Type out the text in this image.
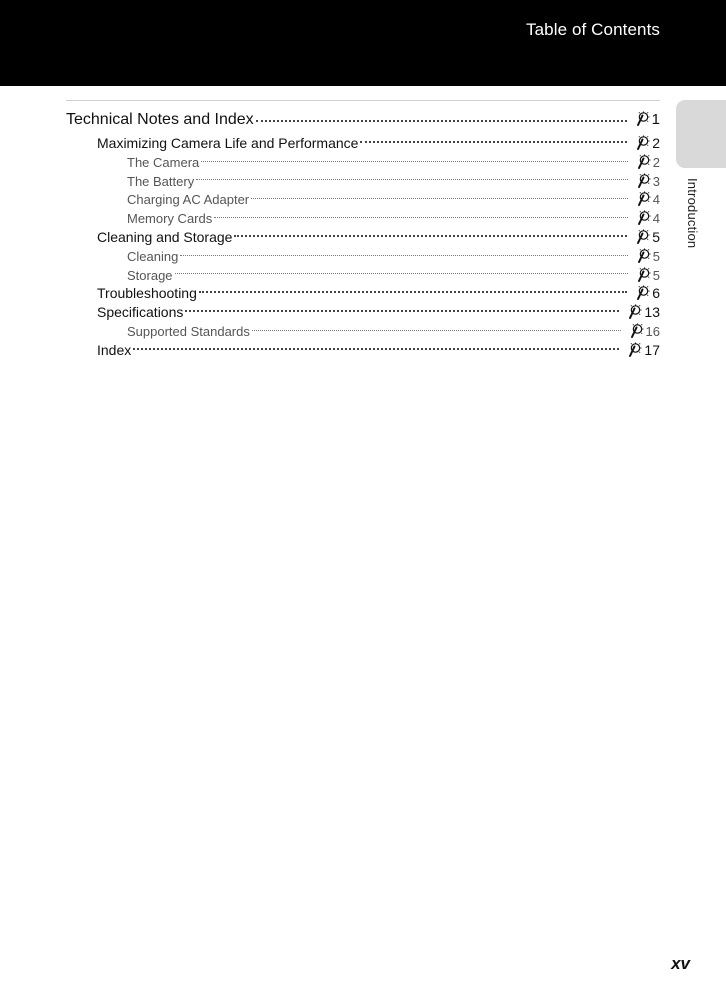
Table of Contents
Introduction
Technical Notes and Index	1
Maximizing Camera Life and Performance	2
The Camera	2
The Battery	3
Charging AC Adapter	4
Memory Cards	4
Cleaning and Storage	5
Cleaning	5
Storage	5
Troubleshooting	6
Specifications	13
Supported Standards	16
Index	17
xv
